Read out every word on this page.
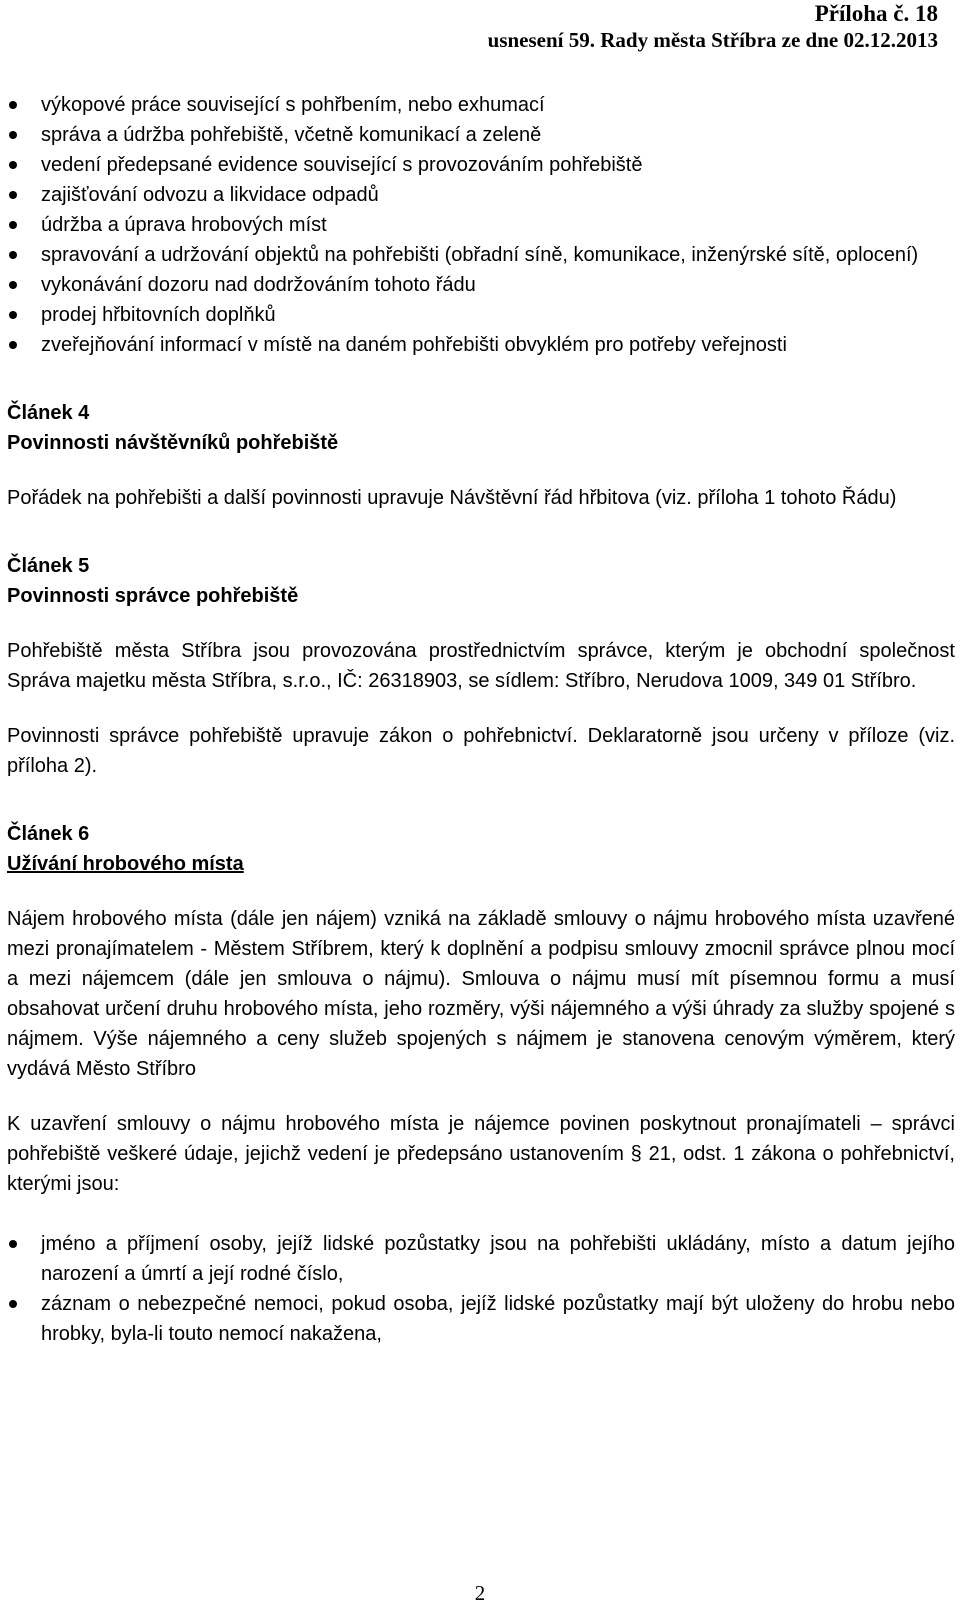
Příloha č. 18
usnesení 59. Rady města Stříbra ze dne 02.12.2013
výkopové práce související s pohřbením, nebo exhumací
správa a údržba pohřebiště, včetně komunikací a zeleně
vedení předepsané evidence související s provozováním pohřebiště
zajišťování odvozu a likvidace odpadů
údržba a úprava hrobových míst
spravování a udržování objektů na pohřebišti (obřadní síně, komunikace, inženýrské sítě, oplocení)
vykonávání dozoru nad dodržováním tohoto řádu
prodej hřbitovních doplňků
zveřejňování informací v místě na daném pohřebišti obvyklém pro potřeby veřejnosti
Článek 4
Povinnosti návštěvníků pohřebiště

Pořádek na pohřebišti a další povinnosti upravuje Návštěvní řád hřbitova (viz. příloha 1 tohoto Řádu)

Článek 5
Povinnosti správce pohřebiště

Pohřebiště města Stříbra jsou provozována prostřednictvím správce, kterým je obchodní společnost Správa majetku města Stříbra, s.r.o., IČ: 26318903, se sídlem: Stříbro, Nerudova 1009, 349 01 Stříbro.

Povinnosti správce pohřebiště upravuje zákon o pohřebnictví. Deklaratorně jsou určeny v příloze (viz. příloha 2).

Článek 6
Užívání hrobového místa

Nájem hrobového místa (dále jen nájem) vzniká na základě smlouvy o nájmu hrobového místa uzavřené mezi pronajímatelem - Městem Stříbrem, který k doplnění a podpisu smlouvy zmocnil správce plnou mocí a mezi nájemcem (dále jen smlouva o nájmu). Smlouva o nájmu musí mít písemnou formu a musí obsahovat určení druhu hrobového místa, jeho rozměry, výši nájemného a výši úhrady za služby spojené s nájmem. Výše nájemného a ceny služeb spojených s nájmem je stanovena cenovým výměrem, který vydává Město Stříbro

K uzavření smlouvy o nájmu hrobového místa je nájemce povinen poskytnout pronajímateli – správci pohřebiště veškeré údaje, jejichž vedení je předepsáno ustanovením § 21, odst. 1 zákona o pohřebnictví, kterými jsou:

jméno a příjmení osoby, jejíž lidské pozůstatky jsou na pohřebišti ukládány, místo a datum jejího narození a úmrtí a její rodné číslo,
záznam o nebezpečné nemoci, pokud osoba, jejíž lidské pozůstatky mají být uloženy do hrobu nebo hrobky, byla-li touto nemocí nakažena,
2
